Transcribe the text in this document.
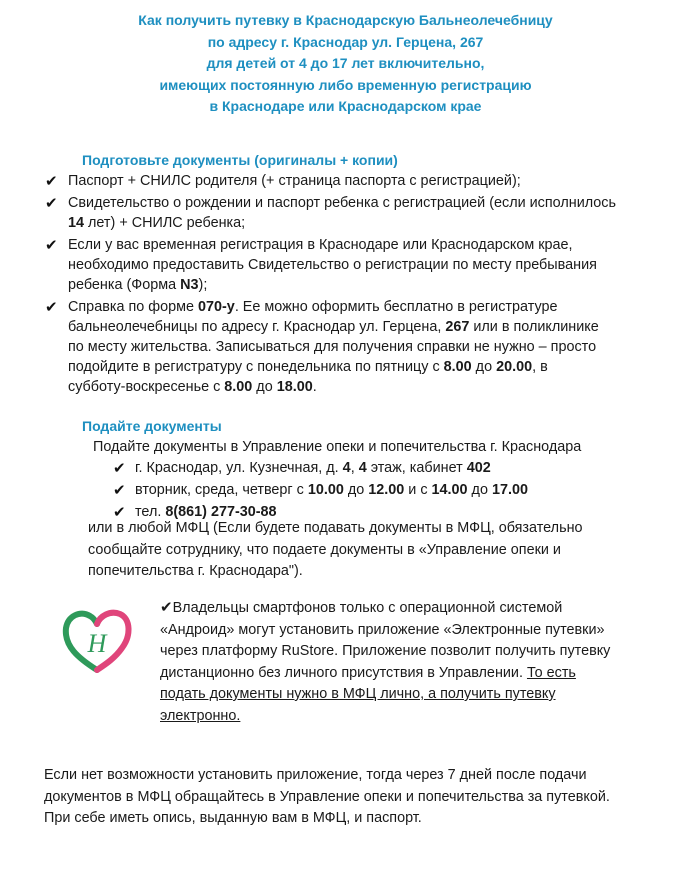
Как получить путевку в Краснодарскую Бальнеолечебницу
по адресу г. Краснодар ул. Герцена, 267
для детей от 4 до 17 лет включительно,
имеющих постоянную либо временную регистрацию
в Краснодаре или Краснодарском крае
Подготовьте документы (оригиналы + копии)
✔ Паспорт + СНИЛС родителя (+ страница паспорта с регистрацией);

✔ Свидетельство о рождении и паспорт ребенка с регистрацией (если исполнилось

14 лет) + СНИЛС ребенка;

✔ Если у вас временная регистрация в Краснодаре или Краснодарском крае,

необходимо предоставить Свидетельство о регистрации по месту пребывания

ребенка (Форма N3);

✔ Справка по форме 070-у. Ее можно оформить бесплатно в регистратуре

бальнеолечебницы по адресу г. Краснодар ул. Герцена, 267 или в поликлинике

по месту жительства. Записываться для получения справки не нужно – просто

подойдите в регистратуру с понедельника по пятницу с 8.00 до 20.00, в

субботу-воскресенье с 8.00 до 18.00.

Подайте документы
Подайте документы в Управление опеки и попечительства г. Краснодара
✔ г. Краснодар, ул. Кузнечная, д. 4, 4 этаж, кабинет 402

✔ вторник, среда, четверг с 10.00 до 12.00 и с 14.00 до 17.00

✔ тел. 8(861) 277-30-88

или в любой МФЦ (Если будете подавать документы в МФЦ, обязательно

сообщайте сотруднику, что подаете документы в «Управление опеки и

попечительства г. Краснодара").

Н

✔Владельцы смартфонов только с операционной системой

«Андроид» могут установить приложение «Электронные путевки»

через платформу RuStore. Приложение позволит получить путевку

дистанционно без личного присутствия в Управлении. То есть

подать документы нужно в МФЦ лично, а получить путевку

электронно.

Если нет возможности установить приложение, тогда через 7 дней после подачи

документов в МФЦ обращайтесь в Управление опеки и попечительства за путевкой.

При себе иметь опись, выданную вам в МФЦ, и паспорт.
